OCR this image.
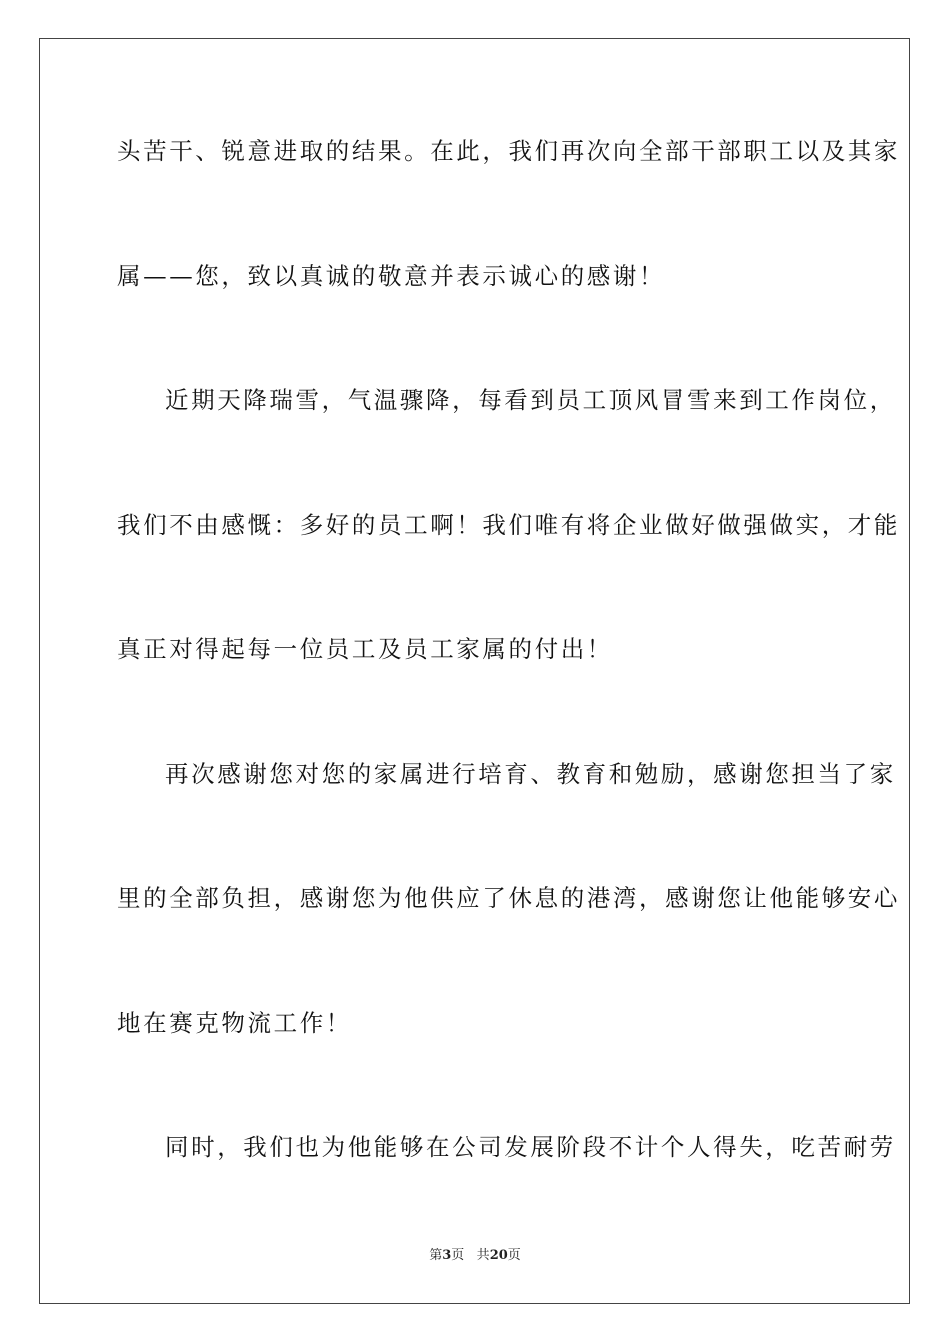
头苦干、锐意进取的结果。在此，我们再次向全部干部职工以及其家
属——您，致以真诚的敬意并表示诚心的感谢！
近期天降瑞雪，气温骤降，每看到员工顶风冒雪来到工作岗位，
我们不由感慨：多好的员工啊！我们唯有将企业做好做强做实，才能
真正对得起每一位员工及员工家属的付出！
再次感谢您对您的家属进行培育、教育和勉励，感谢您担当了家
里的全部负担，感谢您为他供应了休息的港湾，感谢您让他能够安心
地在赛克物流工作！
同时，我们也为他能够在公司发展阶段不计个人得失，吃苦耐劳
第3页 共20页
